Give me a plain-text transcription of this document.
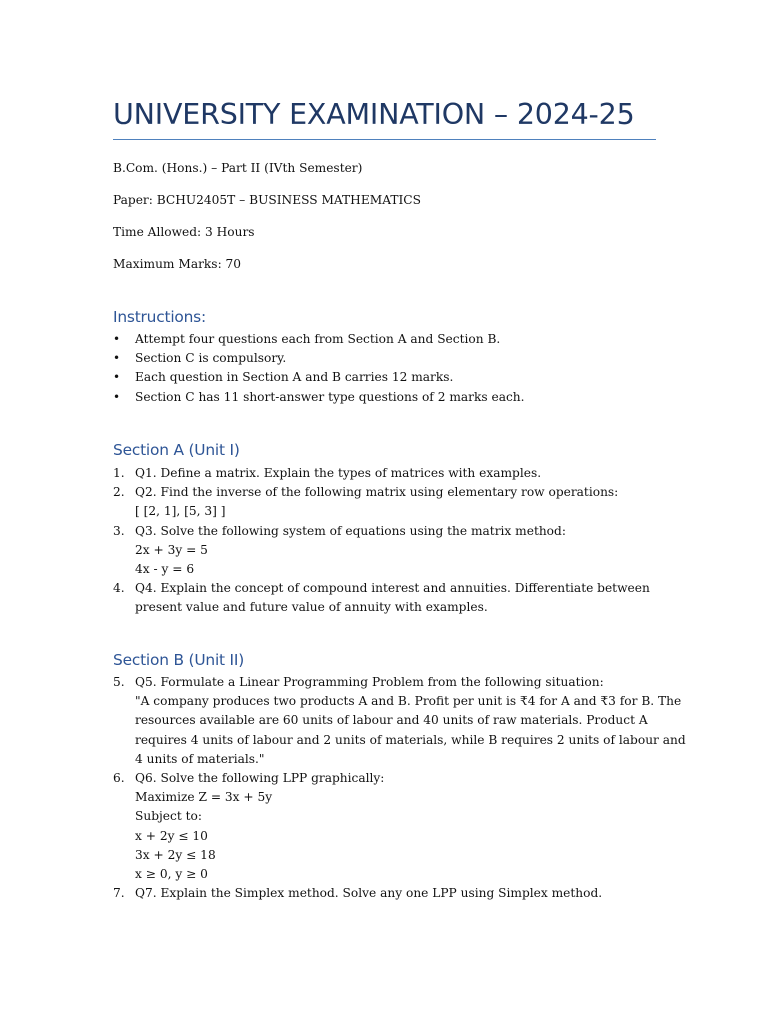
UNIVERSITY EXAMINATION – 2024-25

B.Com. (Hons.) – Part II (IVth Semester)

Paper: BCHU2405T – BUSINESS MATHEMATICS

Time Allowed: 3 Hours

Maximum Marks: 70

Instructions:
• Attempt four questions each from Section A and Section B.
• Section C is compulsory.
• Each question in Section A and B carries 12 marks.
• Section C has 11 short-answer type questions of 2 marks each.
Section A (Unit I)
1. Q1. Define a matrix. Explain the types of matrices with examples.
2. Q2. Find the inverse of the following matrix using elementary row operations:
[ [2, 1], [5, 3] ]
3. Q3. Solve the following system of equations using the matrix method:
2x + 3y = 5
4x - y = 6
4. Q4. Explain the concept of compound interest and annuities. Differentiate between
present value and future value of annuity with examples.
Section B (Unit II)
5. Q5. Formulate a Linear Programming Problem from the following situation:
"A company produces two products A and B. Profit per unit is ₹4 for A and ₹3 for B. The
resources available are 60 units of labour and 40 units of raw materials. Product A
requires 4 units of labour and 2 units of materials, while B requires 2 units of labour and
4 units of materials."
6. Q6. Solve the following LPP graphically:
Maximize Z = 3x + 5y
Subject to:
x + 2y ≤ 10
3x + 2y ≤ 18
x ≥ 0, y ≥ 0
7. Q7. Explain the Simplex method. Solve any one LPP using Simplex method.
